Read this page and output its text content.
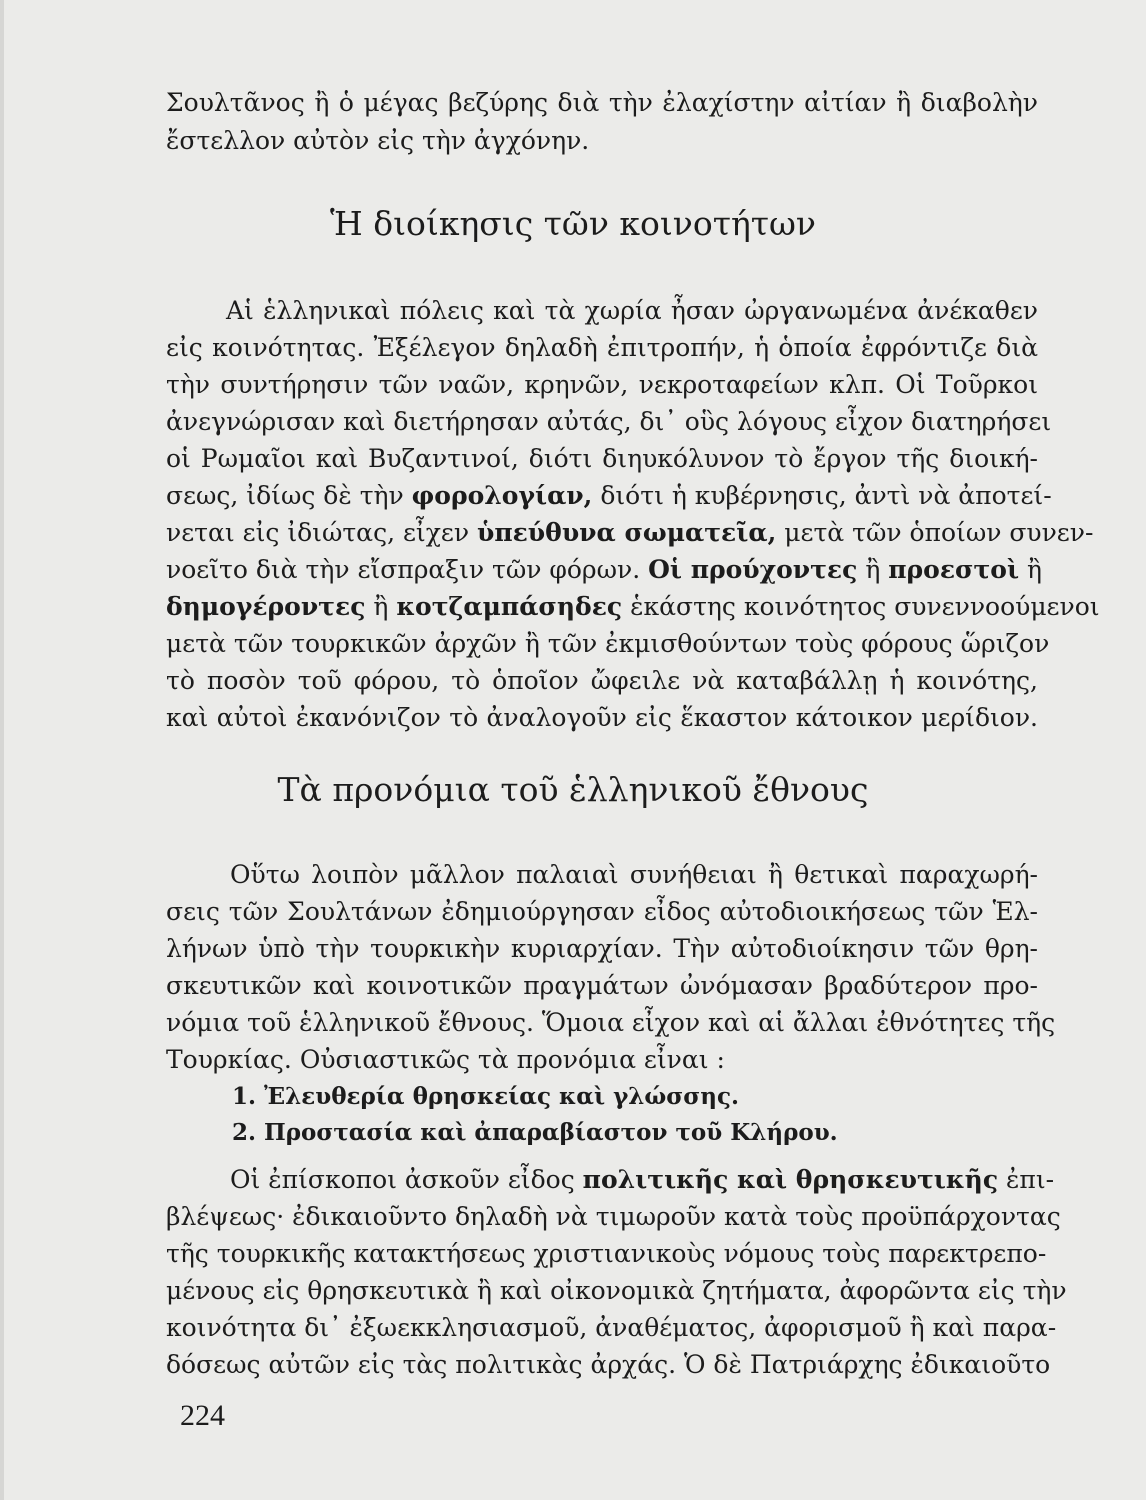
Σουλτᾶνος ἢ ὁ μέγας βεζύρης διὰ τὴν ἐλαχίστην αἰτίαν ἢ διαβολὴν
ἔστελλον αὐτὸν εἰς τὴν ἀγχόνην.
Ἡ διοίκησις τῶν κοινοτήτων
Αἱ ἑλληνικαὶ πόλεις καὶ τὰ χωρία ἦσαν ὠργανωμένα ἀνέκαθεν
εἰς κοινότητας. Ἐξέλεγον δηλαδὴ ἐπιτροπήν, ἡ ὁποία ἐφρόντιζε διὰ
τὴν συντήρησιν τῶν ναῶν, κρηνῶν, νεκροταφείων κλπ. Οἱ Τοῦρκοι
ἀνεγνώρισαν καὶ διετήρησαν αὐτάς, δι᾽ οὓς λόγους εἶχον διατηρήσει
οἱ Ρωμαῖοι καὶ Βυζαντινοί, διότι διηυκόλυνον τὸ ἔργον τῆς διοική-
σεως, ἰδίως δὲ τὴν φορολογίαν, διότι ἡ κυβέρνησις, ἀντὶ νὰ ἀποτεί-
νεται εἰς ἰδιώτας, εἶχεν ὑπεύθυνα σωματεῖα, μετὰ τῶν ὁποίων συνεν-
νοεῖτο διὰ τὴν εἴσπραξιν τῶν φόρων. Οἱ προύχοντες ἢ προεστοὶ ἢ
δημογέροντες ἢ κοτζαμπάσηδες ἑκάστης κοινότητος συνεννοούμενοι
μετὰ τῶν τουρκικῶν ἀρχῶν ἢ τῶν ἐκμισθούντων τοὺς φόρους ὥριζον
τὸ ποσὸν τοῦ φόρου, τὸ ὁποῖον ὤφειλε νὰ καταβάλλῃ ἡ κοινότης,
καὶ αὐτοὶ ἐκανόνιζον τὸ ἀναλογοῦν εἰς ἕκαστον κάτοικον μερίδιον.
Τὰ προνόμια τοῦ ἑλληνικοῦ ἔθνους
Οὕτω λοιπὸν μᾶλλον παλαιαὶ συνήθειαι ἢ θετικαὶ παραχωρή-
σεις τῶν Σουλτάνων ἐδημιούργησαν εἶδος αὐτοδιοικήσεως τῶν Ἑλ-
λήνων ὑπὸ τὴν τουρκικὴν κυριαρχίαν. Τὴν αὐτοδιοίκησιν τῶν θρη-
σκευτικῶν καὶ κοινοτικῶν πραγμάτων ὠνόμασαν βραδύτερον προ-
νόμια τοῦ ἑλληνικοῦ ἔθνους. Ὅμοια εἶχον καὶ αἱ ἄλλαι ἐθνότητες τῆς
Τουρκίας. Οὐσιαστικῶς τὰ προνόμια εἶναι :
1. Ἐλευθερία θρησκείας καὶ γλώσσης.
2. Προστασία καὶ ἀπαραβίαστον τοῦ Κλήρου.
Οἱ ἐπίσκοποι ἀσκοῦν εἶδος πολιτικῆς καὶ θρησκευτικῆς ἐπι-
βλέψεως· ἐδικαιοῦντο δηλαδὴ νὰ τιμωροῦν κατὰ τοὺς προϋπάρχοντας
τῆς τουρκικῆς κατακτήσεως χριστιανικοὺς νόμους τοὺς παρεκτρεπο-
μένους εἰς θρησκευτικὰ ἢ καὶ οἰκονομικὰ ζητήματα, ἀφορῶντα εἰς τὴν
κοινότητα δι᾽ ἐξωεκκλησιασμοῦ, ἀναθέματος, ἀφορισμοῦ ἢ καὶ παρα-
δόσεως αὐτῶν εἰς τὰς πολιτικὰς ἀρχάς. Ὁ δὲ Πατριάρχης ἐδικαιοῦτο
224
